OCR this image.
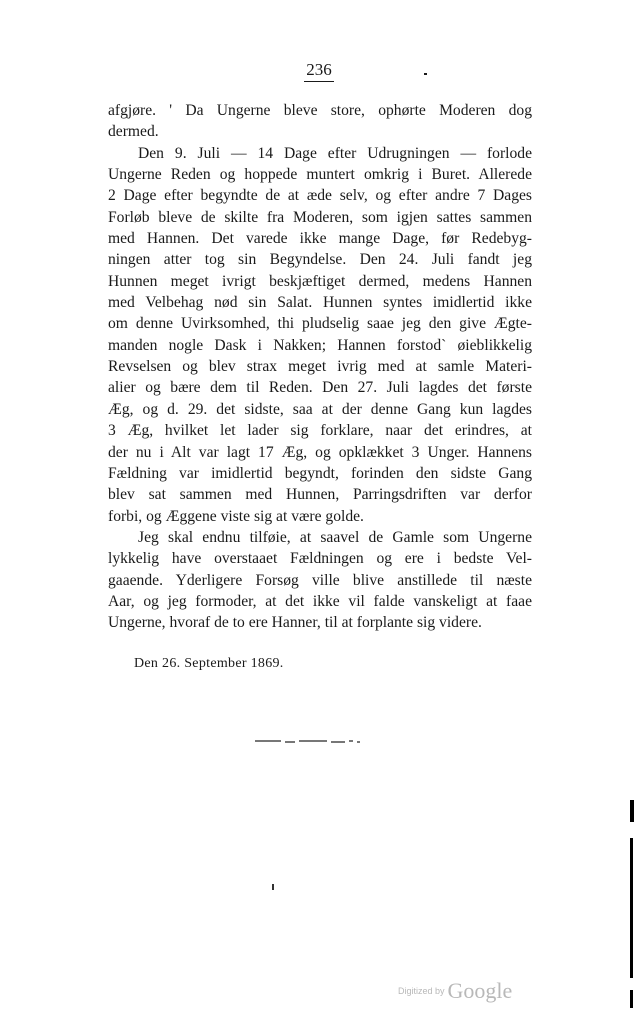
236
afgjøre. ' Da Ungerne bleve store, ophørte Moderen dog
dermed.
Den 9. Juli — 14 Dage efter Udrugningen — forlode
Ungerne Reden og hoppede muntert omkrig i Buret. Allerede
2 Dage efter begyndte de at æde selv, og efter andre 7 Dages
Forløb bleve de skilte fra Moderen, som igjen sattes sammen
med Hannen. Det varede ikke mange Dage, før Redebyg-
ningen atter tog sin Begyndelse. Den 24. Juli fandt jeg
Hunnen meget ivrigt beskjæftiget dermed, medens Hannen
med Velbehag nød sin Salat. Hunnen syntes imidlertid ikke
om denne Uvirksomhed, thi pludselig saae jeg den give Ægte-
manden nogle Dask i Nakken; Hannen forstod` øieblikkelig
Revselsen og blev strax meget ivrig med at samle Materi-
alier og bære dem til Reden. Den 27. Juli lagdes det første
Æg, og d. 29. det sidste, saa at der denne Gang kun lagdes
3 Æg, hvilket let lader sig forklare, naar det erindres, at
der nu i Alt var lagt 17 Æg, og opklækket 3 Unger. Hannens
Fældning var imidlertid begyndt, forinden den sidste Gang
blev sat sammen med Hunnen, Parringsdriften var derfor
forbi, og Æggene viste sig at være golde.
Jeg skal endnu tilføie, at saavel de Gamle som Ungerne
lykkelig have overstaaet Fældningen og ere i bedste Vel-
gaaende. Yderligere Forsøg ville blive anstillede til næste
Aar, og jeg formoder, at det ikke vil falde vanskeligt at faae
Ungerne, hvoraf de to ere Hanner, til at forplante sig videre.
Den 26. September 1869.
Digitized by Google
